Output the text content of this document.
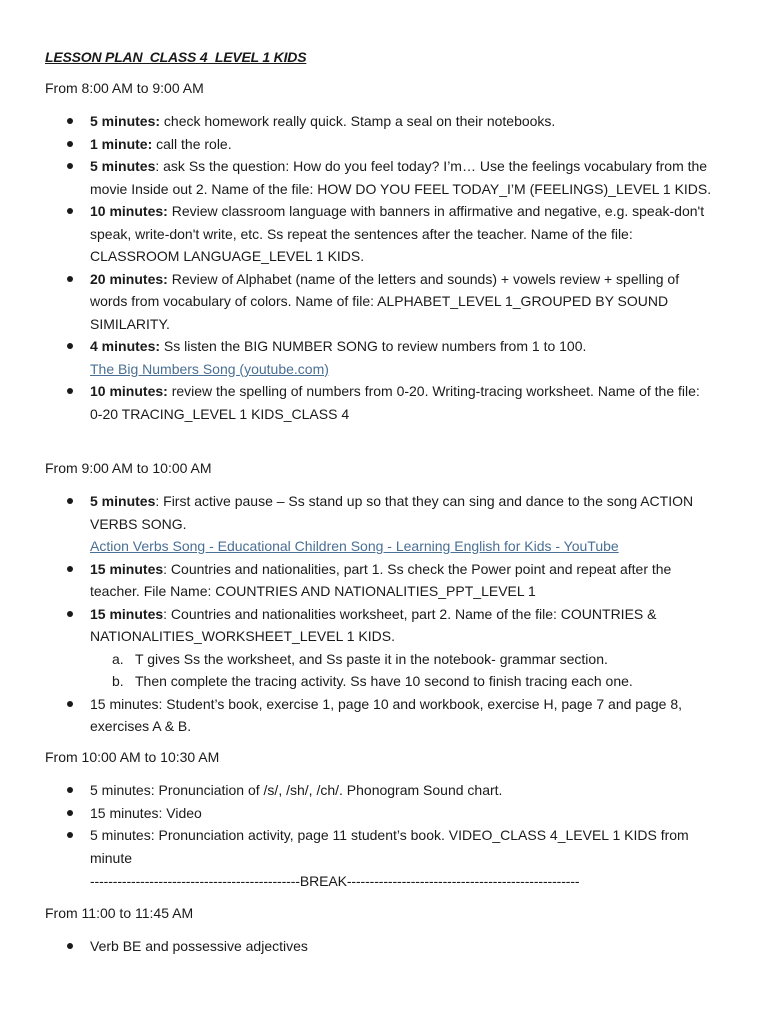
LESSON PLAN  CLASS 4  LEVEL 1 KIDS
From 8:00 AM to 9:00 AM
5 minutes: check homework really quick. Stamp a seal on their notebooks.
1 minute: call the role.
5 minutes: ask Ss the question: How do you feel today? I’m… Use the feelings vocabulary from the movie Inside out 2. Name of the file: HOW DO YOU FEEL TODAY_I’M (FEELINGS)_LEVEL 1 KIDS.
10 minutes: Review classroom language with banners in affirmative and negative, e.g. speak-don't speak, write-don't write, etc. Ss repeat the sentences after the teacher. Name of the file: CLASSROOM LANGUAGE_LEVEL 1 KIDS.
20 minutes: Review of Alphabet (name of the letters and sounds) + vowels review + spelling of words from vocabulary of colors. Name of file: ALPHABET_LEVEL 1_GROUPED BY SOUND SIMILARITY.
4 minutes: Ss listen the BIG NUMBER SONG to review numbers from 1 to 100.
The Big Numbers Song (youtube.com)
10 minutes: review the spelling of numbers from 0-20. Writing-tracing worksheet. Name of the file: 0-20 TRACING_LEVEL 1 KIDS_CLASS 4
From 9:00 AM to 10:00 AM
5 minutes: First active pause – Ss stand up so that they can sing and dance to the song ACTION VERBS SONG.
Action Verbs Song - Educational Children Song - Learning English for Kids - YouTube
15 minutes: Countries and nationalities, part 1. Ss check the Power point and repeat after the teacher. File Name: COUNTRIES AND NATIONALITIES_PPT_LEVEL 1
15 minutes: Countries and nationalities worksheet, part 2. Name of the file: COUNTRIES & NATIONALITIES_WORKSHEET_LEVEL 1 KIDS.
a. T gives Ss the worksheet, and Ss paste it in the notebook- grammar section.
b. Then complete the tracing activity. Ss have 10 second to finish tracing each one.
15 minutes: Student’s book, exercise 1, page 10 and workbook, exercise H, page 7 and page 8, exercises A & B.
From 10:00 AM to 10:30 AM
5 minutes: Pronunciation of /s/, /sh/, /ch/. Phonogram Sound chart.
15 minutes: Video
5 minutes: Pronunciation activity, page 11 student’s book. VIDEO_CLASS 4_LEVEL 1 KIDS from minute
----------------------------------------------BREAK---------------------------------------------------
From 11:00 to 11:45 AM
Verb BE and possessive adjectives
